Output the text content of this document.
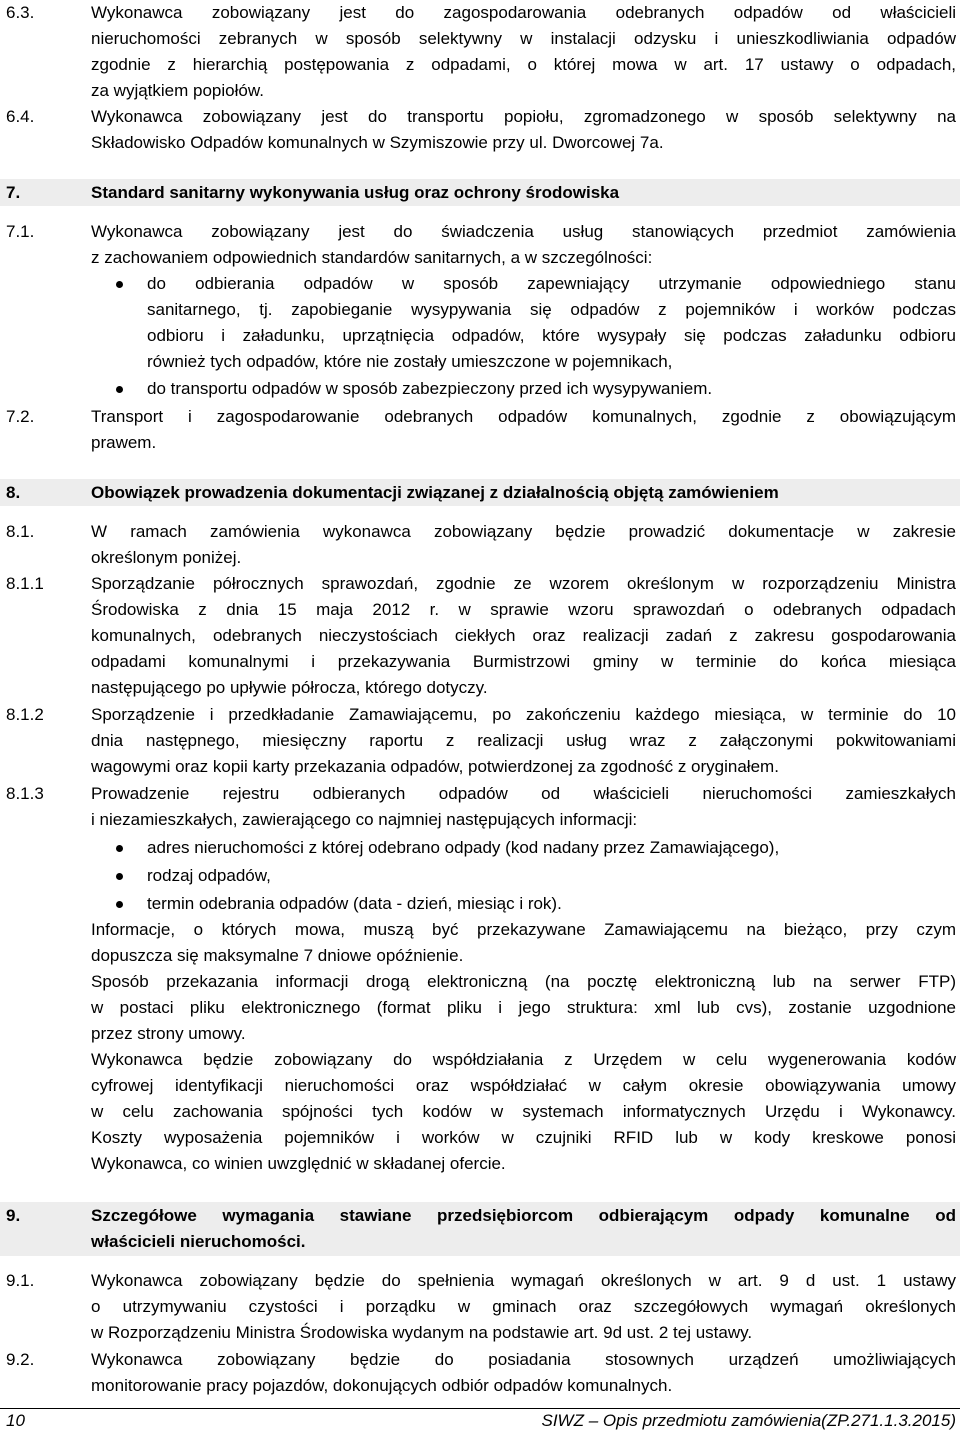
6.3.	Wykonawca zobowiązany jest do zagospodarowania odebranych odpadów od właścicieli
nieruchomości zebranych w sposób selektywny w instalacji odzysku i unieszkodliwiania odpadów
zgodnie z hierarchią postępowania z odpadami, o której mowa w art. 17 ustawy o odpadach,
za wyjątkiem popiołów.
6.4.	Wykonawca zobowiązany jest do transportu popiołu, zgromadzonego w sposób selektywny na
Składowisko Odpadów komunalnych w Szymiszowie przy ul. Dworcowej 7a.
7.	Standard sanitarny wykonywania usług oraz ochrony środowiska
7.1.	Wykonawca zobowiązany jest do świadczenia usług stanowiących przedmiot zamówienia
z zachowaniem odpowiednich standardów sanitarnych, a w szczególności:
do odbierania odpadów w sposób zapewniający utrzymanie odpowiedniego stanu
sanitarnego, tj. zapobieganie wysypywania się odpadów z pojemników i worków podczas
odbioru i załadunku, uprzątnięcia odpadów, które wysypały się podczas załadunku odbioru
również tych odpadów, które nie zostały umieszczone w pojemnikach,
do transportu odpadów w sposób zabezpieczony przed ich wysypywaniem.
7.2.	Transport i zagospodarowanie odebranych odpadów komunalnych, zgodnie z obowiązującym
prawem.
8.	Obowiązek prowadzenia dokumentacji związanej z działalnością objętą zamówieniem
8.1.	W ramach zamówienia wykonawca zobowiązany będzie prowadzić dokumentacje w zakresie
określonym poniżej.
8.1.1	Sporządzanie półrocznych sprawozdań, zgodnie ze wzorem określonym w rozporządzeniu Ministra
Środowiska z dnia 15 maja 2012 r. w sprawie wzoru sprawozdań o odebranych odpadach
komunalnych, odebranych nieczystościach ciekłych oraz realizacji zadań z zakresu gospodarowania
odpadami komunalnymi i przekazywania Burmistrzowi gminy w terminie do końca miesiąca
następującego po upływie półrocza, którego dotyczy.
8.1.2	Sporządzenie i przedkładanie Zamawiającemu, po zakończeniu każdego miesiąca, w terminie do 10
dnia następnego, miesięczny raportu z realizacji usług wraz z załączonymi pokwitowaniami
wagowymi oraz kopii karty przekazania odpadów, potwierdzonej za zgodność z oryginałem.
8.1.3	Prowadzenie rejestru odbieranych odpadów od właścicieli nieruchomości zamieszkałych
i niezamieszkałych, zawierającego co najmniej następujących informacji:
adres nieruchomości z której odebrano odpady (kod nadany przez Zamawiającego),
rodzaj odpadów,
termin odebrania odpadów (data - dzień, miesiąc i rok).
Informacje, o których mowa, muszą być przekazywane Zamawiającemu na bieżąco, przy czym
dopuszcza się maksymalne 7 dniowe opóźnienie.
Sposób przekazania informacji drogą elektroniczną (na pocztę elektroniczną lub na serwer FTP)
w postaci pliku elektronicznego (format pliku i jego struktura: xml lub cvs), zostanie uzgodnione
przez strony umowy.
Wykonawca będzie zobowiązany do współdziałania z Urzędem w celu wygenerowania kodów
cyfrowej identyfikacji nieruchomości oraz współdziałać w całym okresie obowiązywania umowy
w celu zachowania spójności tych kodów w systemach informatycznych Urzędu i Wykonawcy.
Koszty wyposażenia pojemników i worków w czujniki RFID lub w kody kreskowe ponosi
Wykonawca, co winien uwzględnić w składanej ofercie.
9.	Szczegółowe wymagania stawiane przedsiębiorcom odbierającym odpady komunalne od
właścicieli nieruchomości.
9.1.	Wykonawca zobowiązany będzie do spełnienia wymagań określonych w art. 9 d ust. 1 ustawy
o utrzymywaniu czystości i porządku w gminach oraz szczegółowych wymagań określonych
w Rozporządzeniu Ministra Środowiska wydanym na podstawie art. 9d ust. 2 tej ustawy.
9.2.	Wykonawca zobowiązany będzie do posiadania stosownych urządzeń umożliwiających
monitorowanie pracy pojazdów, dokonujących odbiór odpadów komunalnych.
10	SIWZ – Opis przedmiotu zamówienia(ZP.271.1.3.2015)
